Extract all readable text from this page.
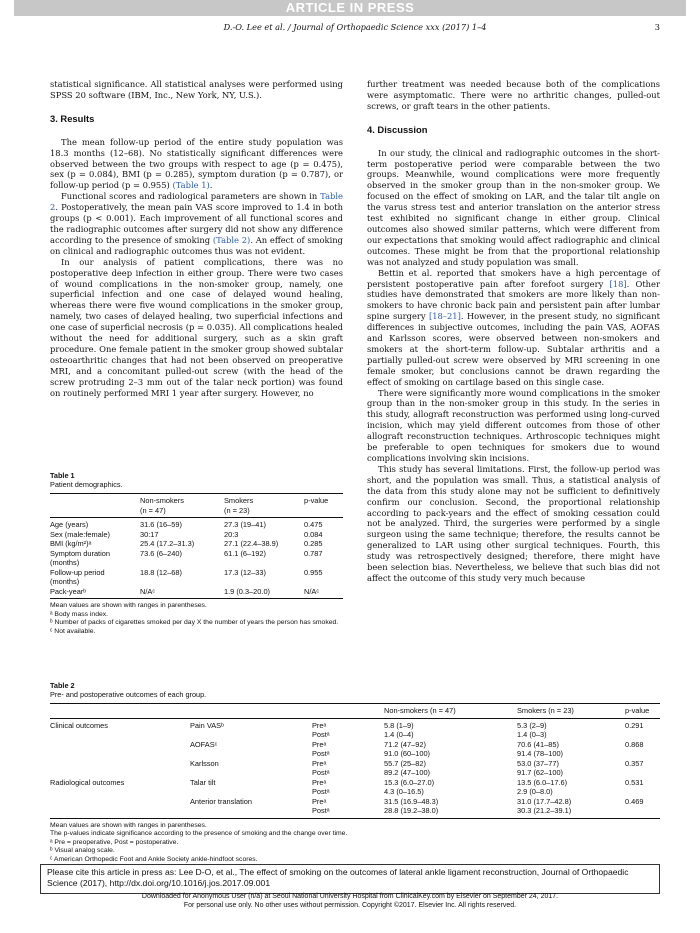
ARTICLE IN PRESS
D.-O. Lee et al. / Journal of Orthopaedic Science xxx (2017) 1–4	3

statistical significance. All statistical analyses were performed using SPSS 20 software (IBM, Inc., New York, NY, U.S.).

3. Results

The mean follow-up period of the entire study population was 18.3 months (12–68). No statistically significant differences were observed between the two groups with respect to age (p = 0.475), sex (p = 0.084), BMI (p = 0.285), symptom duration (p = 0.787), or follow-up period (p = 0.955) (Table 1).

Functional scores and radiological parameters are shown in Table 2. Postoperatively, the mean pain VAS score improved to 1.4 in both groups (p < 0.001). Each improvement of all functional scores and the radiographic outcomes after surgery did not show any difference according to the presence of smoking (Table 2). An effect of smoking on clinical and radiographic outcomes thus was not evident.

In our analysis of patient complications, there was no postoperative deep infection in either group. There were two cases of wound complications in the non-smoker group, namely, one superficial infection and one case of delayed wound healing, whereas there were five wound complications in the smoker group, namely, two cases of delayed healing, two superficial infections and one case of superficial necrosis (p = 0.035). All complications healed without the need for additional surgery, such as a skin graft procedure. One female patient in the smoker group showed subtalar osteoarthritic changes that had not been observed on preoperative MRI, and a concomitant pulled-out screw (with the head of the screw protruding 2–3 mm out of the talar neck portion) was found on routinely performed MRI 1 year after surgery. However, no

further treatment was needed because both of the complications were asymptomatic. There were no arthritic changes, pulled-out screws, or graft tears in the other patients.

4. Discussion

In our study, the clinical and radiographic outcomes in the short-term postoperative period were comparable between the two groups. Meanwhile, wound complications were more frequently observed in the smoker group than in the non-smoker group. We focused on the effect of smoking on LAR, and the talar tilt angle on the varus stress test and anterior translation on the anterior stress test exhibited no significant change in either group. Clinical outcomes also showed similar patterns, which were different from our expectations that smoking would affect radiographic and clinical outcomes. These might be from that the proportional relationship was not analyzed and study population was small.

Bettin et al. reported that smokers have a high percentage of persistent postoperative pain after forefoot surgery [18]. Other studies have demonstrated that smokers are more likely than non-smokers to have chronic back pain and persistent pain after lumbar spine surgery [18–21]. However, in the present study, no significant differences in subjective outcomes, including the pain VAS, AOFAS and Karlsson scores, were observed between non-smokers and smokers at the short-term follow-up. Subtalar arthritis and a partially pulled-out screw were observed by MRI screening in one female smoker, but conclusions cannot be drawn regarding the effect of smoking on cartilage based on this single case.

There were significantly more wound complications in the smoker group than in the non-smoker group in this study. In the series in this study, allograft reconstruction was performed using long-curved incision, which may yield different outcomes from those of other allograft reconstruction techniques. Arthroscopic techniques might be preferable to open techniques for smokers due to wound complications involving skin incisions.

This study has several limitations. First, the follow-up period was short, and the population was small. Thus, a statistical analysis of the data from this study alone may not be sufficient to definitively confirm our conclusion. Second, the proportional relationship according to pack-years and the effect of smoking cessation could not be analyzed. Third, the surgeries were performed by a single surgeon using the same technique; therefore, the results cannot be generalized to LAR using other surgical techniques. Fourth, this study was retrospectively designed; therefore, there might have been selection bias. Nevertheless, we believe that such bias did not affect the outcome of this study very much because

Table 1

Patient demographics.

	Non-smokers
(n = 47)	Smokers
(n = 23)	p-value
Age (years)	31.6 (16–59)	27.3 (19–41)	0.475
Sex (male:female)	30:17	20:3	0.084
BMI (kg/m²)ᵃ	25.4 (17.2–31.3)	27.1 (22.4–38.9)	0.285
Symptom duration
(months)	73.6 (6–240)	61.1 (6–192)	0.787
Follow-up period
(months)	18.8 (12–68)	17.3 (12–33)	0.955
Pack-yearᵇ	N/Aᶜ	1.9 (0.3–20.0)	N/Aᶜ
Mean values are shown with ranges in parentheses.
ᵃ Body mass index.
ᵇ Number of packs of cigarettes smoked per day X the number of years the person has smoked.
ᶜ Not available.

Table 2

Pre- and postoperative outcomes of each group.

			Non-smokers (n = 47)	Smokers (n = 23)	p-value
Clinical outcomes	Pain VASᵇ	Preᵃ	5.8 (1–9)	5.3 (2–9)	0.291
		Postᵃ	1.4 (0–4)	1.4 (0–3)	
	AOFASᶜ	Preᵃ	71.2 (47–92)	70.6 (41–85)	0.868
		Postᵃ	91.0 (60–100)	91.4 (78–100)	
	Karlsson	Preᵃ	55.7 (25–82)	53.0 (37–77)	0.357
		Postᵃ	89.2 (47–100)	91.7 (62–100)	
Radiological outcomes	Talar tilt	Preᵃ	15.3 (6.0–27.0)	13.5 (6.0–17.6)	0.531
		Postᵃ	4.3 (0–16.5)	2.9 (0–8.0)	
	Anterior translation	Preᵃ	31.5 (16.9–48.3)	31.0 (17.7–42.8)	0.469
		Postᵃ	28.8 (19.2–38.0)	30.3 (21.2–39.1)	
Mean values are shown with ranges in parentheses.
The p-values indicate significance according to the presence of smoking and the change over time.
ᵃ Pre = preoperative, Post = postoperative.
ᵇ Visual analog scale.
ᶜ American Orthopedic Foot and Ankle Society ankle-hindfoot scores.
Please cite this article in press as: Lee D-O, et al., The effect of smoking on the outcomes of lateral ankle ligament reconstruction, Journal of Orthopaedic Science (2017), http://dx.doi.org/10.1016/j.jos.2017.09.001
Downloaded for Anonymous User (n/a) at Seoul National University Hospital from ClinicalKey.com by Elsevier on September 24, 2017.
For personal use only. No other uses without permission. Copyright ©2017. Elsevier Inc. All rights reserved.
